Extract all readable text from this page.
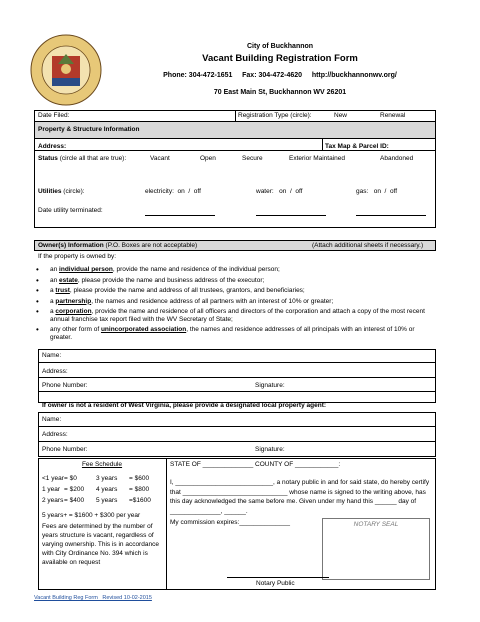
City of Buckhannon
Vacant Building Registration Form
Phone: 304-472-1651 Fax: 304-472-4620 http://buckhannonwv.org/
70 East Main St, Buckhannon WV 26201
Date Filed:	Registration Type (circle):	New	Renewal
Property & Structure Information
Address:	Tax Map & Parcel ID:
Status (circle all that are true):	Vacant	Open	Secure	Exterior Maintained	Abandoned
Utilities (circle):	electricity:  on  /  off	water:   on  /  off	gas:   on  /  off
Date utility terminated:
Owner(s) Information (P.O. Boxes are not acceptable)	(Attach additional sheets if necessary.)
If the property is owned by:
• an individual person, provide the name and residence of the individual person;
• an estate, please provide the name and business address of the executor;
• a trust, please provide the name and address of all trustees, grantors, and beneficiaries;
• a partnership, the names and residence address of all partners with an interest of 10% or greater;
• a corporation, provide the name and residence of all officers and directors of the corporation and attach a copy of the most recent annual franchise tax report filed with the WV Secretary of State;
• any other form of unincorporated association, the names and residence addresses of all principals with an interest of 10% or greater.
Name:
Address:
Phone Number:	Signature:
If owner is not a resident of West Virginia, please provide a designated local property agent:
Name:
Address:
Phone Number:	Signature:
Fee Schedule
<1 year = $0	3 years	= $600
1 year = $200	4 years	= $800
2 years = $400	5 years	=$1600
5 years+ = $1600 + $300 per year
Fees are determined by the number of years structure is vacant, regardless of varying ownership. This is in accordance with City Ordinance No. 394 which is available on request
STATE OF ______________ COUNTY OF ____________:
I, ___________________________, a notary public in and for said state, do hereby certify that _____________________________ whose name is signed to the writing above, has this day acknowledged the same before me. Given under my hand this ______ day of ______________, ______.
My commission expires:______________	NOTARY SEAL
Notary Public
Vacant Building Reg Form   Revised 10-02-2015
